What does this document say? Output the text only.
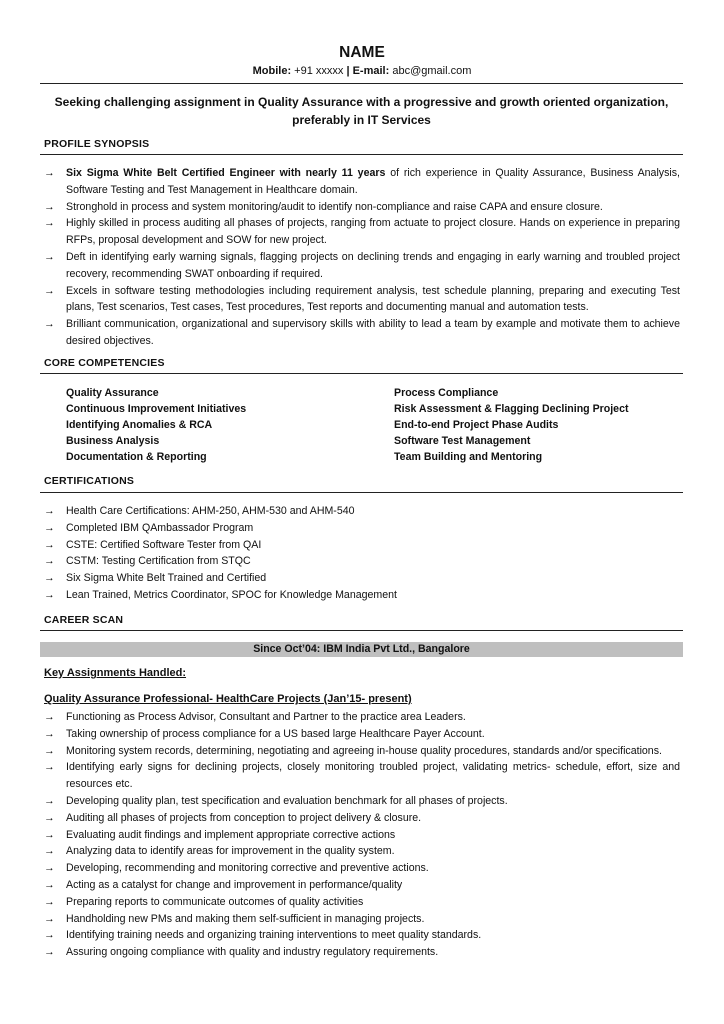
NAME
Mobile: +91 xxxxx | E-mail: abc@gmail.com
Seeking challenging assignment in Quality Assurance with a progressive and growth oriented organization,
preferably in IT Services
PROFILE SYNOPSIS
→ Six Sigma White Belt Certified Engineer with nearly 11 years of rich experience in Quality Assurance, Business Analysis, Software Testing and Test Management in Healthcare domain.
→ Stronghold in process and system monitoring/audit to identify non-compliance and raise CAPA and ensure closure.
→ Highly skilled in process auditing all phases of projects, ranging from actuate to project closure. Hands on experience in preparing RFPs, proposal development and SOW for new project.
→ Deft in identifying early warning signals, flagging projects on declining trends and engaging in early warning and troubled project recovery, recommending SWAT onboarding if required.
→ Excels in software testing methodologies including requirement analysis, test schedule planning, preparing and executing Test plans, Test scenarios, Test cases, Test procedures, Test reports and documenting manual and automation tests.
→ Brilliant communication, organizational and supervisory skills with ability to lead a team by example and motivate them to achieve desired objectives.
CORE COMPETENCIES
Quality Assurance
Continuous Improvement Initiatives
Identifying Anomalies & RCA
Business Analysis
Documentation & Reporting
Process Compliance
Risk Assessment & Flagging Declining Project
End-to-end Project Phase Audits
Software Test Management
Team Building and Mentoring
CERTIFICATIONS
→ Health Care Certifications: AHM-250, AHM-530 and AHM-540
→ Completed IBM QAmbassador Program
→ CSTE: Certified Software Tester from QAI
→ CSTM: Testing Certification from STQC
→ Six Sigma White Belt Trained and Certified
→ Lean Trained, Metrics Coordinator, SPOC for Knowledge Management
CAREER SCAN
Since Oct’04: IBM India Pvt Ltd., Bangalore
Key Assignments Handled:
Quality Assurance Professional- HealthCare Projects (Jan’15- present)
→ Functioning as Process Advisor, Consultant and Partner to the practice area Leaders.
→ Taking ownership of process compliance for a US based large Healthcare Payer Account.
→ Monitoring system records, determining, negotiating and agreeing in-house quality procedures, standards and/or specifications.
→ Identifying early signs for declining projects, closely monitoring troubled project, validating metrics- schedule, effort, size and resources etc.
→ Developing quality plan, test specification and evaluation benchmark for all phases of projects.
→ Auditing all phases of projects from conception to project delivery & closure.
→ Evaluating audit findings and implement appropriate corrective actions
→ Analyzing data to identify areas for improvement in the quality system.
→ Developing, recommending and monitoring corrective and preventive actions.
→ Acting as a catalyst for change and improvement in performance/quality
→ Preparing reports to communicate outcomes of quality activities
→ Handholding new PMs and making them self-sufficient in managing projects.
→ Identifying training needs and organizing training interventions to meet quality standards.
→ Assuring ongoing compliance with quality and industry regulatory requirements.
